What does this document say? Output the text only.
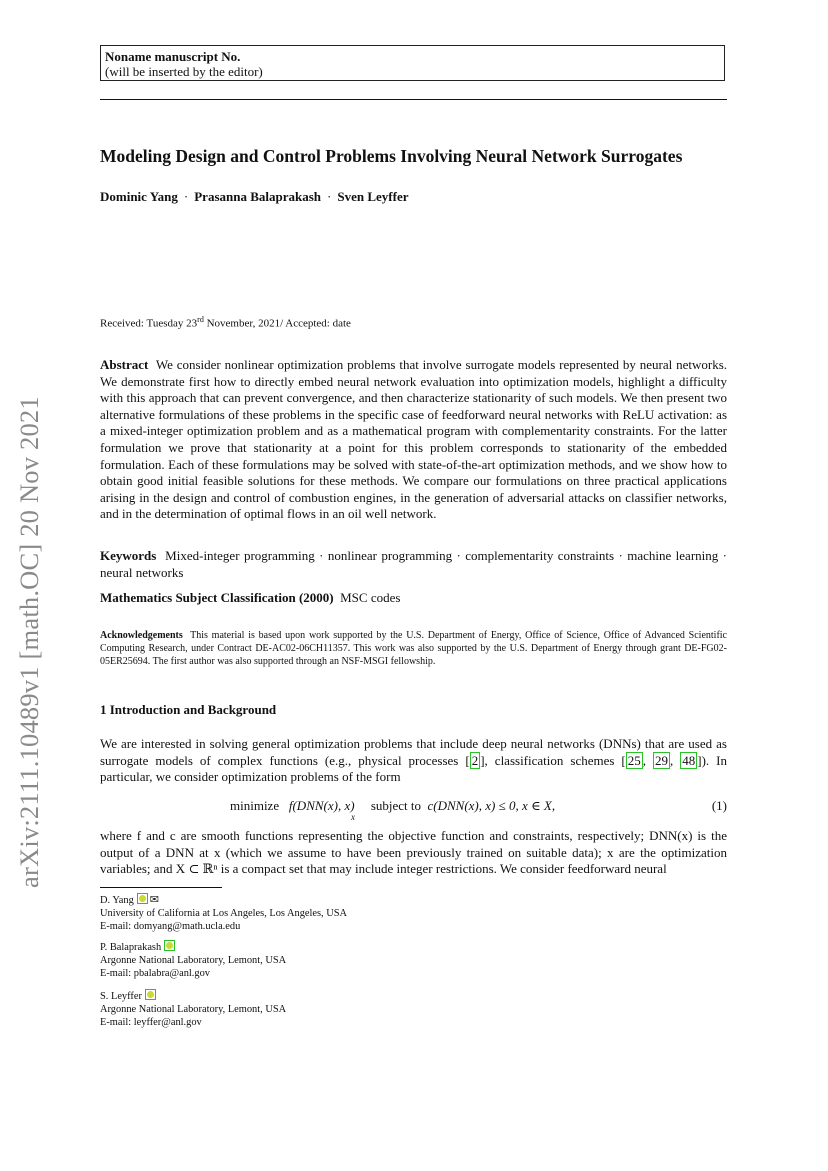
arXiv:2111.10489v1 [math.OC] 20 Nov 2021
Noname manuscript No.
(will be inserted by the editor)
Modeling Design and Control Problems Involving Neural Network Surrogates
Dominic Yang · Prasanna Balaprakash · Sven Leyffer
Received: Tuesday 23rd November, 2021/ Accepted: date
Abstract We consider nonlinear optimization problems that involve surrogate models represented by neural networks. We demonstrate first how to directly embed neural network evaluation into optimization models, highlight a difficulty with this approach that can prevent convergence, and then characterize stationarity of such models. We then present two alternative formulations of these problems in the specific case of feedforward neural networks with ReLU activation: as a mixed-integer optimization problem and as a mathematical program with complementarity constraints. For the latter formulation we prove that stationarity at a point for this problem corresponds to stationarity of the embedded formulation. Each of these formulations may be solved with state-of-the-art optimization methods, and we show how to obtain good initial feasible solutions for these methods. We compare our formulations on three practical applications arising in the design and control of combustion engines, in the generation of adversarial attacks on classifier networks, and in the determination of optimal flows in an oil well network.
Keywords Mixed-integer programming · nonlinear programming · complementarity constraints · machine learning · neural networks
Mathematics Subject Classification (2000) MSC codes
Acknowledgements This material is based upon work supported by the U.S. Department of Energy, Office of Science, Office of Advanced Scientific Computing Research, under Contract DE-AC02-06CH11357. This work was also supported by the U.S. Department of Energy through grant DE-FG02-05ER25694. The first author was also supported through an NSF-MSGI fellowship.
1 Introduction and Background
We are interested in solving general optimization problems that include deep neural networks (DNNs) that are used as surrogate models of complex functions (e.g., physical processes [ 2 ], classification schemes [ 25 , 29 , 48 ]). In particular, we consider optimization problems of the form
minimize f(DNN(x), x) subject to c(DNN(x), x) ≤ 0, x ∈ X,
x
(1)
where f and c are smooth functions representing the objective function and constraints, respectively; DNN(x) is the output of a DNN at x (which we assume to have been previously trained on suitable data); x are the optimization variables; and X ⊂ ℝⁿ is a compact set that may include integer restrictions. We consider feedforward neural
D. Yang ✉
University of California at Los Angeles, Los Angeles, USA
E-mail: domyang@math.ucla.edu
P. Balaprakash
Argonne National Laboratory, Lemont, USA
E-mail: pbalabra@anl.gov
S. Leyffer
Argonne National Laboratory, Lemont, USA
E-mail: leyffer@anl.gov
